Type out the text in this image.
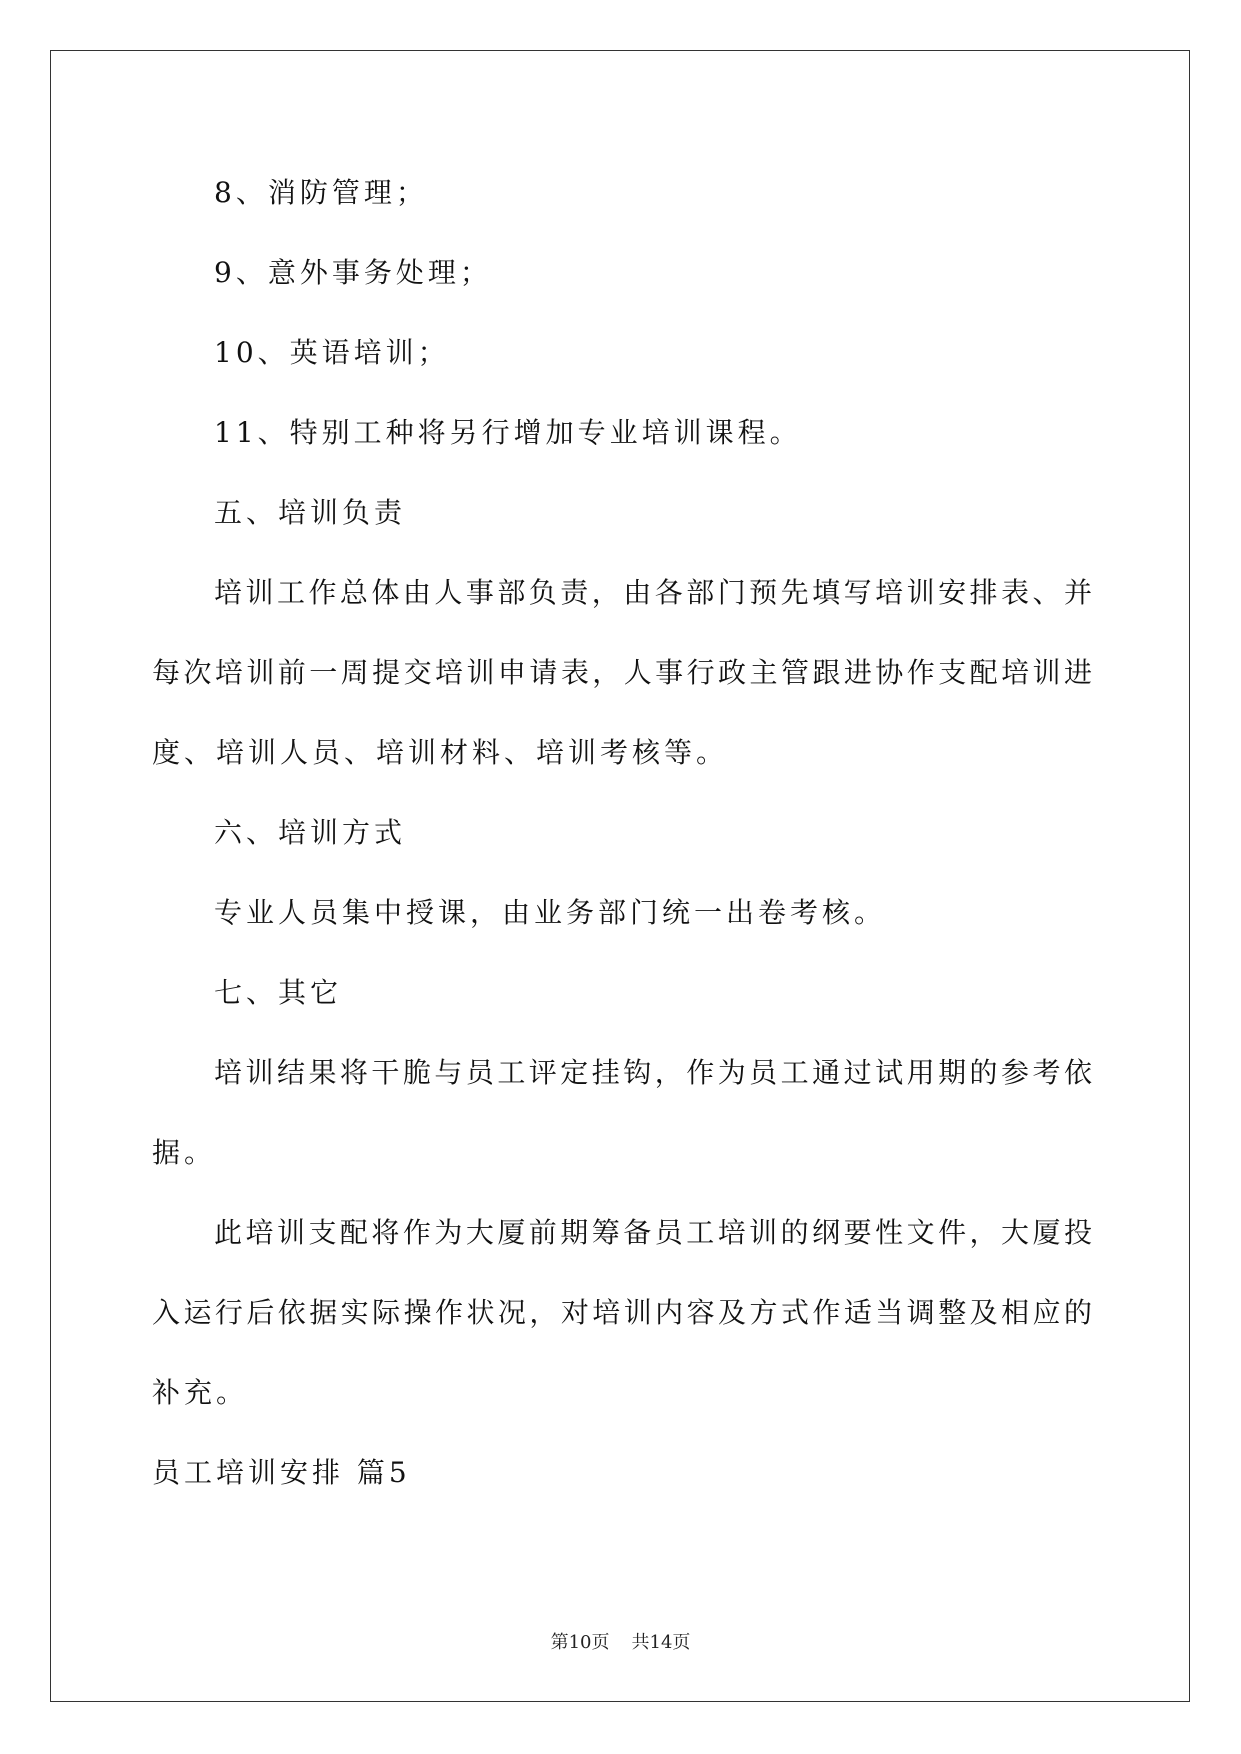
8、消防管理；
9、意外事务处理；
10、英语培训；
11、特别工种将另行增加专业培训课程。
五、培训负责
培训工作总体由人事部负责，由各部门预先填写培训安排表、并
每次培训前一周提交培训申请表，人事行政主管跟进协作支配培训进
度、培训人员、培训材料、培训考核等。
六、培训方式
专业人员集中授课，由业务部门统一出卷考核。
七、其它
培训结果将干脆与员工评定挂钩，作为员工通过试用期的参考依
据。
此培训支配将作为大厦前期筹备员工培训的纲要性文件，大厦投
入运行后依据实际操作状况，对培训内容及方式作适当调整及相应的
补充。
员工培训安排 篇5
第10页 共14页
